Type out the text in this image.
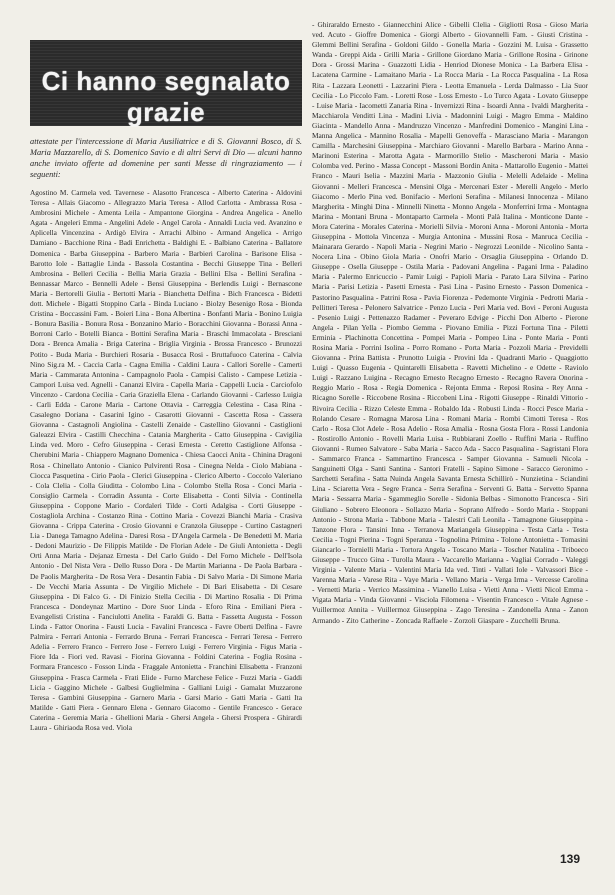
Ci hanno segnalato grazie

attestate per l'intercessione di Maria Ausiliatrice e di S. Giovanni Bosco, di S. Maria Mazzarello, di S. Domenico Savio e di altri Servi di Dio — alcuni hanno anche inviato offerte ad domenine per santi Messe di ringraziamento — i seguenti:

Agostino M. Carmela ved. Tavernese - Alasotto Francesca - Alberto Caterina - Aldovini Teresa - Allais Giacomo - Allegrazzo Maria Teresa - Allod Carlotta - Ambrassa Rosa - Ambrosini Michele - Amenta Leila - Ampantone Giorgina - Andrea Angelica - Anello Agata - Angeleri Emma - Angelini Adele - Angel Carola - Annaldi Lucia ved. Avanzino e Aplicella Vincenzina - Ardigò Elvira - Arrachi Albino - Armand Angelica - Arrigo Damiano - Bacchione Rina - Badi Enrichetta - Baldighi E. - Balbiano Caterina - Ballatore Domenica - Barba Giuseppina - Barbero Maria - Barbieri Carolina - Barisone Elisa - Barotto Iole - Battaglie Linda - Bassola Costantina - Becchi Giuseppe Tina - Belleri Ambrosina - Belleri Cecilia - Bellia Maria Grazia - Bellini Elsa - Bellini Serafina - Bennassar Marco - Bennelli Adele - Bensi Giuseppina - Berlendis Luigi - Bernascone Maria - Bertorelli Giulia - Bertotti Maria - Bianchetta Delfina - Bich Francesca - Bidetti dott. Michele - Bigatti Stoppino Carla - Binda Luciano - Biolzy Besenigo Rosa - Bionda Cristina - Boccassini Fam. - Boieri Lina - Bona Albertina - Bonfanti Maria - Bonino Luigia - Bonura Basilia - Bonura Rosa - Bonzanino Mario - Boracchini Giovanna - Borassi Anna - Borroni Carlo - Botelli Bianca - Bottini Serafina Maria - Braschi Immacolata - Bresciani Dora - Brenca Amalia - Briga Caterina - Briglia Virginia - Brossa Francesco - Brunozzi Potito - Buda Maria - Burchieri Rosaria - Busacca Rosi - Bruttafuoco Caterina - Calvia Nino Sig.ra M. - Caccia Carla - Cagna Emilia - Caldini Laura - Callori Sorelle - Camerti Maria - Cammarata Antonina - Campagnolo Paola - Campisi Calisto - Campese Letizia - Campori Luisa ved. Agnelli - Cananzi Elvira - Capella Maria - Cappelli Lucia - Carciofolo Vincenzo - Cardona Cecilia - Caria Graziella Elena - Carlando Giovanni - Carlesso Luigia - Carli Edda - Carone Maria - Cartone Ottavia - Carreggia Celestina - Casa Rina - Casalegno Doriana - Casarini Igino - Casarotti Giovanni - Cascetta Rosa - Cassera Giovanna - Castagnoli Angiolina - Castelli Zenaide - Castellino Giovanni - Castiglioni Galeazzi Elvira - Castilli Checchina - Catania Margherita - Catto Giuseppina - Cavigilia Linda ved. Moro - Cefro Giuseppina - Cerasi Ernesta - Ceretto Castiglione Alfonsa - Cherubini Maria - Chiappero Magnano Domenica - Chiesa Caocci Anita - Chinina Dragoni Rosa - Chinellato Antonio - Cianico Pulvirenti Rosa - Cinegna Nelda - Ciolo Mabiana - Ciocca Pasquetina - Cirio Paola - Clerici Giuseppina - Clerico Alberto - Coccolo Valeriano - Cola Clelia - Colla Giuditta - Colombo Lina - Colombo Stella Rosa - Conci Maria - Consiglio Carmela - Corradin Assunta - Corte Elisabetta - Conti Silvia - Continella Giuseppina - Coppone Mario - Cordaleri Tilde - Corti Adalgisa - Corti Giuseppe - Costagliola Archina - Costanzo Rina - Cottino Maria - Covezzi Bianchi Maria - Crasiva Giovanna - Crippa Caterina - Crosio Giovanni e Cranzola Giuseppe - Curtino Castagneri Lia - Danega Tamagno Adelina - Daresi Rosa - D'Angela Carmela - De Benedetti M. Maria - Dedoni Maurizio - De Filippis Matilde - De Florian Adele - De Giuli Antonietta - Degli Orti Anna Maria - Dejanaz Ernesta - Del Carlo Guido - Del Forno Michele - Dell'Isola Antonio - Del Nista Vera - Dello Russo Dora - De Martin Marianna - De Paola Barbara - De Paolis Margherita - De Rosa Vera - Desantin Fabia - Di Salvo Maria - Di Simone Maria - De Vecchi Maria Assunta - De Virgilio Michele - Di Bari Elisabetta - Di Cesare Giuseppina - Di Falco G. - Di Finizio Stella Cecilia - Di Martino Rosalia - Di Prima Francesca - Dondeynaz Martino - Dore Suor Linda - Eforo Rina - Emiliani Piera - Evangelisti Cristina - Fanciulotti Anelita - Faraldi G. Batta - Fassetta Augusta - Fosson Linda - Fattor Onorina - Fausti Lucia - Favalini Francesca - Favre Oberti Delfina - Favre Palmira - Ferrari Antonia - Ferrardo Bruna - Ferrari Francesca - Ferrari Teresa - Ferrero Adelia - Ferrero Franco - Ferrero Jose - Ferrero Luigi - Ferrero Virginia - Figus Maria - Fiore Ida - Fiori ved. Ravasi - Fiorina Giovanna - Foldini Caterina - Foglia Rosina - Formara Francesco - Fosson Linda - Fraggale Antonietta - Franchini Elisabetta - Franzoni Giuseppina - Frasca Carmela - Frati Elide - Furno Marchese Felice - Fuzzi Maria - Gaddi Licia - Gaggino Michele - Galbesi Guglielmina - Galliani Luigi - Gamalat Muzzarone Teresa - Gambini Giuseppina - Garnero Maria - Garsi Mario - Gatti Maria - Gatti Ita Matilde - Gatti Piera - Gennaro Elena - Gennaro Giacomo - Gentile Francesco - Gerace Caterina - Geremia Maria - Ghellioni Maria - Ghersi Angela - Ghersi Prospera - Ghirardi Laura - Ghiriaoda Rosa ved. Viola

- Ghiraraldo Ernesto - Giannecchini Alice - Gibelli Clelia - Gigliotti Rosa - Gioso Maria ved. Acuto - Gioffre Domenica - Giorgi Alberto - Giovannelli Fam. - Giusti Cristina - Glemmi Bellini Serafina - Goldoni Gildo - Gonella Maria - Gozzini M. Luisa - Grassetto Wanda - Greppi Aida - Grilli Maria - Grillone Giordano Maria - Grillone Rosina - Grinone Dora - Grossi Marina - Guazzotti Lidia - Henriod Dionese Monica - La Barbera Elisa - Lacatena Carmine - Lamaitano Maria - La Rocca Maria - La Rocca Pasqualina - La Rosa Rita - Lazzara Leonetti - Lazzarini Piera - Leotta Emanuela - Lerda Dalmasso - Lia Suor Cecilia - Lo Piccolo Fam. - Loretti Rose - Loss Ernesto - Lo Turco Agata - Lovato Giuseppe - Luise Maria - Iacometti Zanaria Rina - Invernizzi Rina - Isoardi Anna - Ivaldi Margherita - Macchiarola Venditti Lina - Madini Livia - Madonnini Luigi - Magro Emma - Maldino Giacinta - Mandello Anna - Mandruzzo Vincenzo - Manfredini Domenico - Mangini Lina - Manna Angelica - Mannino Rosalia - Mapelli Genoveffa - Marasciano Maria - Marangon Camilla - Marchesini Giuseppina - Marchiaro Giovanni - Marello Barbara - Marino Anna - Marinoni Esterina - Marotta Agata - Marmorillo Stelio - Mascheroni Maria - Masio Colomba ved. Perino - Massa Concept - Massoni Bordin Anita - Mattarollo Eugenio - Mattei Franco - Mauri Iselia - Mazzini Maria - Mazzonio Giulia - Melelli Adelaide - Melina Giovanni - Melleri Francesca - Mensini Olga - Mercenari Ester - Merelli Angelo - Merlo Giacomo - Merlo Pina ved. Bonifacio - Merloni Serafina - Milanesi Innocenza - Milano Margherita - Minghi Dina - Minnelli Ninetta - Monno Angela - Monferrini Irma - Montagna Marina - Montani Bruna - Montaparto Carmela - Monti Palà Italina - Monticone Dante - Mora Caterina - Morales Caterina - Morielli Silvia - Moroni Anna - Moroni Antonia - Morta Giuseppina - Mottola Vincenza - Murgia Antonina - Mussini Rosa - Manruca Cecilia - Mainarara Gerardo - Napoli Maria - Negrini Mario - Negrozzi Leonilde - Nicolino Santa - Nocera Lina - Obino Giola Maria - Onofri Mario - Orsaglia Giuseppina - Orlando D. Giuseppe - Osella Giuseppe - Ostila Maria - Padovani Angelina - Pagani Irma - Paladino Maria - Palermo Enricuccio - Pamir Luigi - Papioli Maria - Parato Lara Silvina - Parino Maria - Parisi Letizia - Pasetti Ernesta - Pasi Lina - Pasino Ernesto - Passon Domenica - Pastorino Pasqualina - Patrini Rosa - Pavia Fiorenza - Pedemonte Virginia - Pedrotti Maria - Pellitteri Teresa - Pelonero Salvatrice - Penzo Lucia - Peri Maria ved. Bovi - Peroni Augusta - Pesenio Luigi - Pettenazzo Radamer - Peveraro Edvige - Picchi Don Alberto - Pierone Angela - Pilan Yella - Piombo Gemma - Piovano Emilia - Pizzi Fortuna Tina - Piletti Erminia - Plachinotta Concettina - Pompei Maria - Pompeo Lina - Ponte Maria - Ponti Rosina Maria - Porrini Isolina - Porro Romano - Porta Maria - Pozzoli Maria - Previdelli Giovanna - Prina Battista - Prunotto Luigia - Provini Ida - Quadranti Mario - Quaggiotto Luigi - Quasso Eugenia - Quintarelli Elisabetta - Ravetti Michelino - e Odette - Raviolo Luigi - Razzano Luigina - Recagno Ernesto Recagno Ernesto - Recagno Ravera Onorina - Reggio Mario - Rosa - Regia Domenica - Rejonta Emma - Reposi Rosina - Rey Anna - Ricagno Sorelle - Riccobene Rosina - Riccobeni Lina - Rigotti Giuseppe - Rinaldi Vittorio - Rivoira Cecilia - Rizzo Celeste Emma - Robaldo Ida - Robusti Linda - Rocci Pesce Maria - Rolando Cesare - Romagna Marosa Lina - Romani Maria - Rombi Cimotti Teresa - Ros Carlo - Rosa Clot Adele - Rosa Adelio - Rosa Amalia - Rosna Gosta Flora - Rossi Landonia - Rostirollo Antonio - Rovelli Maria Luisa - Rubbiarani Zoello - Ruffini Maria - Ruffino Giovanni - Rumeo Salvatore - Saba Maria - Sacco Ada - Sacco Pasqualina - Sagristani Flora - Sammarco Franca - Sammartino Francesca - Samper Giovanna - Samueli Nicola - Sanguinetti Olga - Santi Santina - Santori Fratelli - Sapino Simone - Saracco Geronimo - Sarchetti Serafina - Satta Nuinda Angela Savanta Ernesta Schillirò - Nunzietina - Sciandini Lina - Sciaretta Vera - Segre Franca - Serra Serafina - Serventi G. Batta - Servetto Spanna Maria - Sessarra Maria - Sgammeglio Sorelle - Sidonia Belbas - Simonotto Francesca - Siri Giuliano - Sobrero Eleonora - Sollazzo Maria - Soprano Alfredo - Sordo Maria - Stoppani Antonio - Strona Maria - Tabbone Maria - Talestri Cali Leonila - Tamagnone Giuseppina - Tanzone Flora - Tansini Inna - Terranova Mariangela Giuseppina - Testa Carla - Testa Cecilia - Togni Pierina - Togni Speranza - Tognolina Primina - Tolone Antonietta - Tomasini Giancarlo - Tornielli Maria - Tortora Angela - Toscano Maria - Toscher Natalina - Triboeco Giuseppe - Trucco Gina - Turolla Maura - Vaccarello Marianna - Vagliai Corrado - Valeggi Virginia - Valente Maria - Valentini Maria Ida ved. Tinti - Vallati Iole - Valvassori Bice - Varenna Maria - Varese Rita - Vaye Maria - Vellano Maria - Verga Irma - Vercesse Carolina - Vernetti Maria - Verrico Massimina - Vianello Luisa - Vietti Anna - Vietti Nicol Emma - Vigata Maria - Vinda Giovanni - Visciola Filomena - Visentin Francesco - Vitale Agnese - Vuillermoz Annita - Vuillermoz Giuseppina - Zago Teresina - Zandonella Anna - Zanon Armando - Zito Catherine - Zoncada Raffaele - Zorzoli Giaspare - Zucchelli Bruna.

139
